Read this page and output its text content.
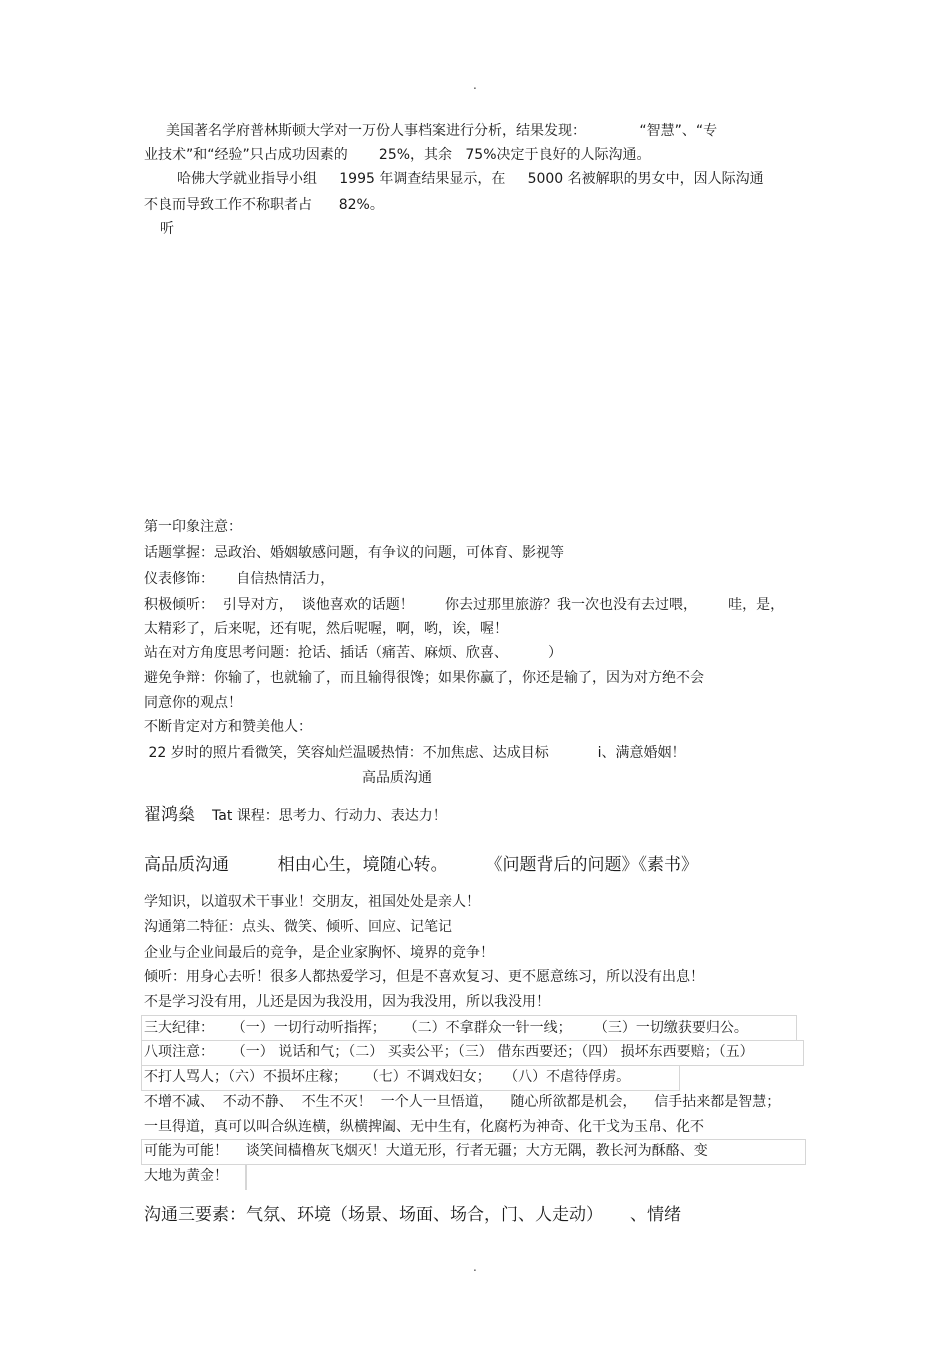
.
美国著名学府普林斯顿大学对一万份人事档案进行分析，结果发现：            “智慧”、“专
业技术”和“经验”只占成功因素的       25%，其余   75%决定于良好的人际沟通。
哈佛大学就业指导小组     1995 年调查结果显示，在     5000 名被解职的男女中，因人际沟通
不良而导致工作不称职者占      82%。
听
第一印象注意：
话题掌握：忌政治、婚姻敏感问题，有争议的问题，可体育、影视等
仪表修饰：     自信热情活力，
积极倾听：  引导对方，  谈他喜欢的话题！       你去过那里旅游？我一次也没有去过喂，       哇，是，
太精彩了，后来呢，还有呢，然后呢喔，啊，哟，诶，喔！
站在对方角度思考问题：抢话、插话（痛苦、麻烦、欣喜、         ）
避免争辩：你输了，也就输了，而且输得很馋；如果你赢了，你还是输了，因为对方绝不会
同意你的观点！
不断肯定对方和赞美他人：
22 岁时的照片看微笑，笑容灿烂温暖热情：不加焦虑、达成目标           i、满意婚姻！
高品质沟通
翟鸿燊 Tat 课程：思考力、行动力、表达力！
高品质沟通         相由心生，境随心转。       《问题背后的问题》《素书》
学知识，以道驭术干事业！交朋友，祖国处处是亲人！
沟通第二特征：点头、微笑、倾听、回应、记笔记
企业与企业间最后的竞争，是企业家胸怀、境界的竞争！
倾听：用身心去听！很多人都热爱学习，但是不喜欢复习、更不愿意练习，所以没有出息！
不是学习没有用，儿还是因为我没用，因为我没用，所以我没用！
三大纪律：    （一）一切行动听指挥；    （二）不拿群众一针一线；     （三）一切缴获要归公。
八项注意：    （一） 说话和气；（二） 买卖公平；（三） 借东西要还；（四） 损坏东西要赔；（五）
不打人骂人；（六）不损坏庄稼；    （七）不调戏妇女；   （八）不虐待俘虏。
不增不减、  不动不静、  不生不灭！  一个人一旦悟道，    随心所欲都是机会，    信手拈来都是智慧；
一旦得道，真可以叫合纵连横，纵横捭阖、无中生有，化腐朽为神奇、化干戈为玉帛、化不
可能为可能！    谈笑间樯橹灰飞烟灭！大道无形，行者无疆；大方无隅，教长河为酥酪、变
大地为黄金！
沟通三要素：气氛、环境（场景、场面、场合，门、人走动）     、情绪
.
